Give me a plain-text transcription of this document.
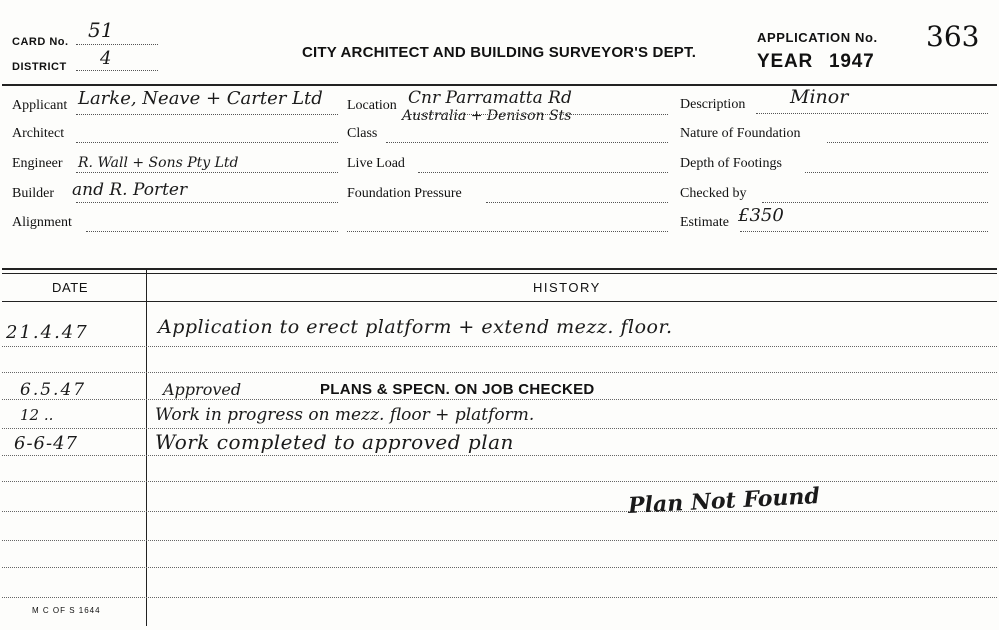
CARD No. 51
DISTRICT 4	CITY ARCHITECT AND BUILDING SURVEYOR'S DEPT.
APPLICATION No. 363
YEAR 1947
Applicant Larke, Neave + Carter Ltd
Architect
Engineer R. Wall + Sons Pty Ltd
Builder and R. Porter
Alignment
Location Cnr Parramatta Rd
Australia + Denison Sts
Class
Live Load
Foundation Pressure
Description Minor
Nature of Foundation
Depth of Footings
Checked by
Estimate £350
DATE	HISTORY
21.4.47	Application to erect platform + extend mezz. floor.
6.5.47	Approved	PLANS & SPECN. ON JOB CHECKED
12 ..	Work in progress on mezz. floor + platform.
6-6-47	Work completed to approved plan
Plan Not Found
M C OF S 1644
